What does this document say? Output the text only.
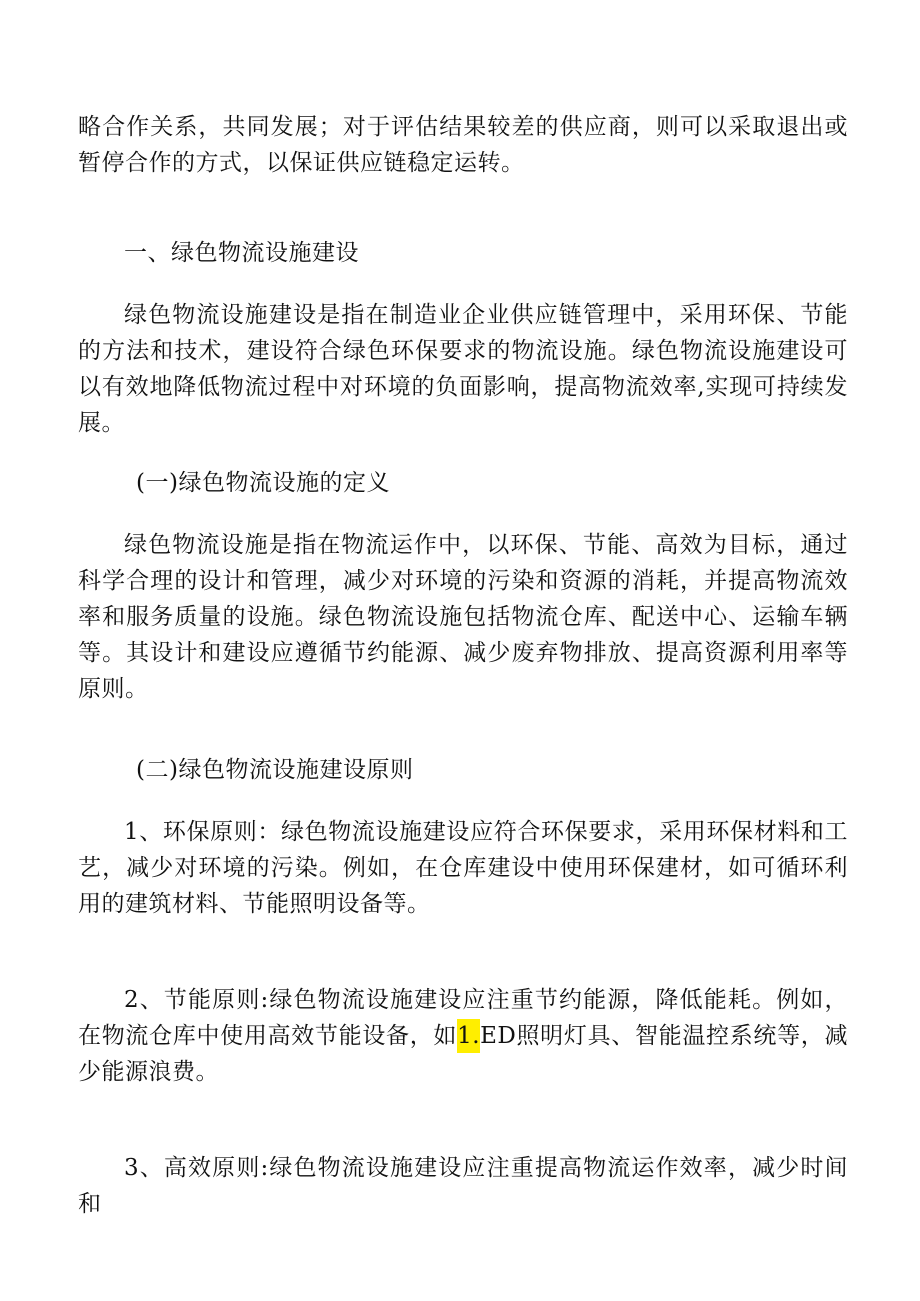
略合作关系，共同发展；对于评估结果较差的供应商，则可以采取退出或暂停合作的方式，以保证供应链稳定运转。

一、绿色物流设施建设

绿色物流设施建设是指在制造业企业供应链管理中，采用环保、节能的方法和技术，建设符合绿色环保要求的物流设施。绿色物流设施建设可以有效地降低物流过程中对环境的负面影响，提高物流效率,实现可持续发展。

(一)绿色物流设施的定义

绿色物流设施是指在物流运作中，以环保、节能、高效为目标，通过科学合理的设计和管理，减少对环境的污染和资源的消耗，并提高物流效率和服务质量的设施。绿色物流设施包括物流仓库、配送中心、运输车辆等。其设计和建设应遵循节约能源、减少废弃物排放、提高资源利用率等原则。

(二)绿色物流设施建设原则

1、环保原则：绿色物流设施建设应符合环保要求，采用环保材料和工艺，减少对环境的污染。例如，在仓库建设中使用环保建材，如可循环利用的建筑材料、节能照明设备等。

2、节能原则:绿色物流设施建设应注重节约能源，降低能耗。例如，在物流仓库中使用高效节能设备，如1.ED照明灯具、智能温控系统等，减少能源浪费。

3、高效原则:绿色物流设施建设应注重提高物流运作效率，减少时间和
